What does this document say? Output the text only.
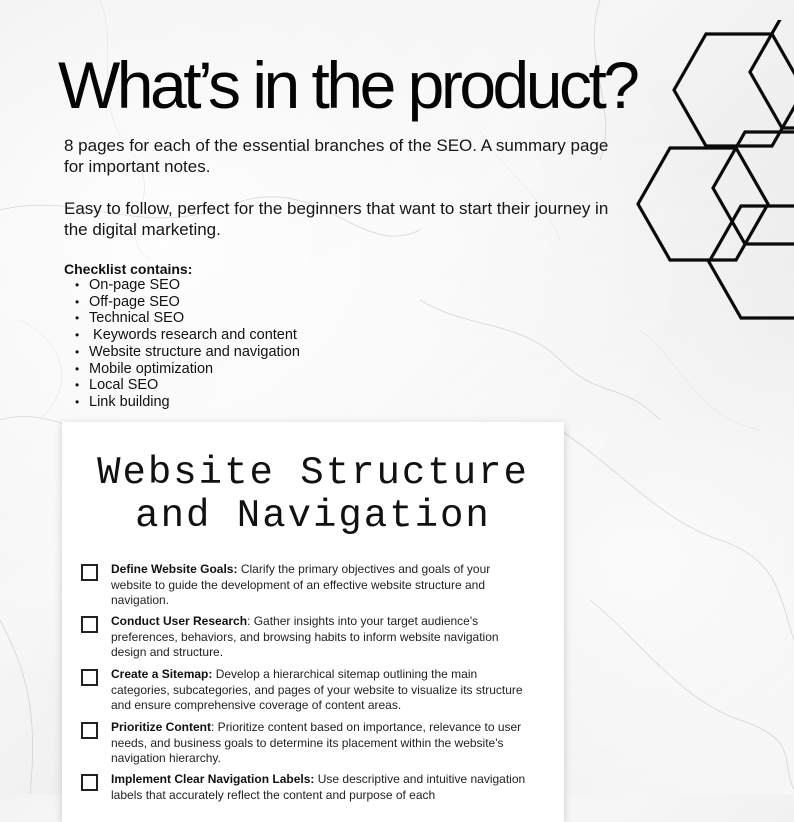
What’s in the product?

8 pages for each of the essential branches of the SEO. A summary page for important notes.

Easy to follow, perfect for the beginners that want to start their journey in the digital marketing.

Checklist contains:

• On-page SEO
• Off-page SEO
• Technical SEO
•  Keywords research and content
• Website structure and navigation
• Mobile optimization
• Local SEO
• Link building
Website Structure
and Navigation

Define Website Goals: Clarify the primary objectives and goals of your website to guide the development of an effective website structure and navigation.

Conduct User Research: Gather insights into your target audience's preferences, behaviors, and browsing habits to inform website navigation design and structure.

Create a Sitemap: Develop a hierarchical sitemap outlining the main categories, subcategories, and pages of your website to visualize its structure and ensure comprehensive coverage of content areas.

Prioritize Content: Prioritize content based on importance, relevance to user needs, and business goals to determine its placement within the website's navigation hierarchy.

Implement Clear Navigation Labels: Use descriptive and intuitive navigation labels that accurately reflect the content and purpose of each
